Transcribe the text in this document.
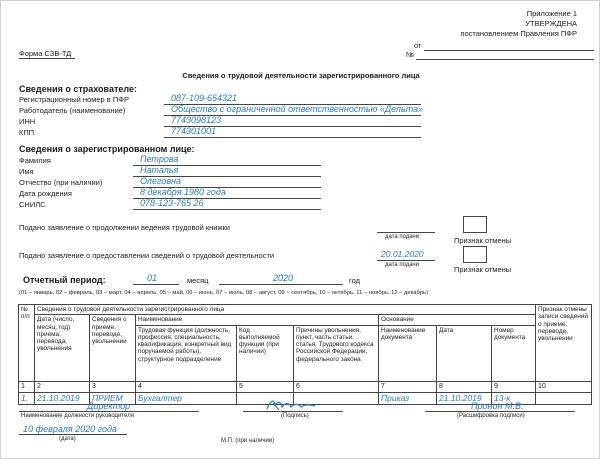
Приложение 1
УТВЕРЖДЕНА
постановлением Правления ПФР
от
№
Форма СЗВ-ТД
Сведения о трудовой деятельности зарегистрированного лица
Сведения о страхователе:
Регистрационный номер в ПФР	087-109-654321
Работодатель (наименование)	Общество с ограниченной ответственностью «Дельта»
ИНН	7743098123
КПП	774301001
Сведения о зарегистрированном лице:
Фамилия	Петрова
Имя	Наталья
Отчество (при наличии)	Олеговна
Дата рождения	8 декабря 1980 года
СНИЛС	078-123-765 26
Подано заявление о продолжении ведения трудовой книжки
дата подачи	Признак отмены
Подано заявление о предоставлении сведений о трудовой деятельности	20.01.2020
дата подачи	Признак отмены
Отчетный период:	01	месяц	2020	год
(01 – январь, 02 – февраль, 03 – март, 04 – апрель, 05 – май, 06 – июнь, 07 – июль, 08 – август, 09 – сентябрь, 10 – октябрь, 11 – ноябрь, 12 – декабрь)
№ п/п	Сведения о трудовой деятельности зарегистрированного лица								Признак отмены записи сведений о приеме, переводе, увольнении
	Дата (число, месяц, год) приема, перевода, увольнения	Сведения о приеме, переводе, увольнении	Наименование			Основание			
			Трудовая функция (должность, профессия, специальность, квалификация, конкретный вид поручаемой работы), структурное подразделение	Код выполняемой функции (при наличии)	Причины увольнения, пункт, часть статьи, статья, Трудового кодекса Российской Федерации, федерального закона	Наименование документа	Дата	Номер документа	
1	2	3	4	5	6	7	8	9	10
1.	21.10.2019	ПРИЕМ	Бухгалтер			Приказ	21.10.2019	13-к	
Директор
Наименование должности руководителя	(Подпись)
Пронин М.В.
(Расшифровка подписи)
10 февраля 2020 года
(дата)	М.П. (при наличии)
